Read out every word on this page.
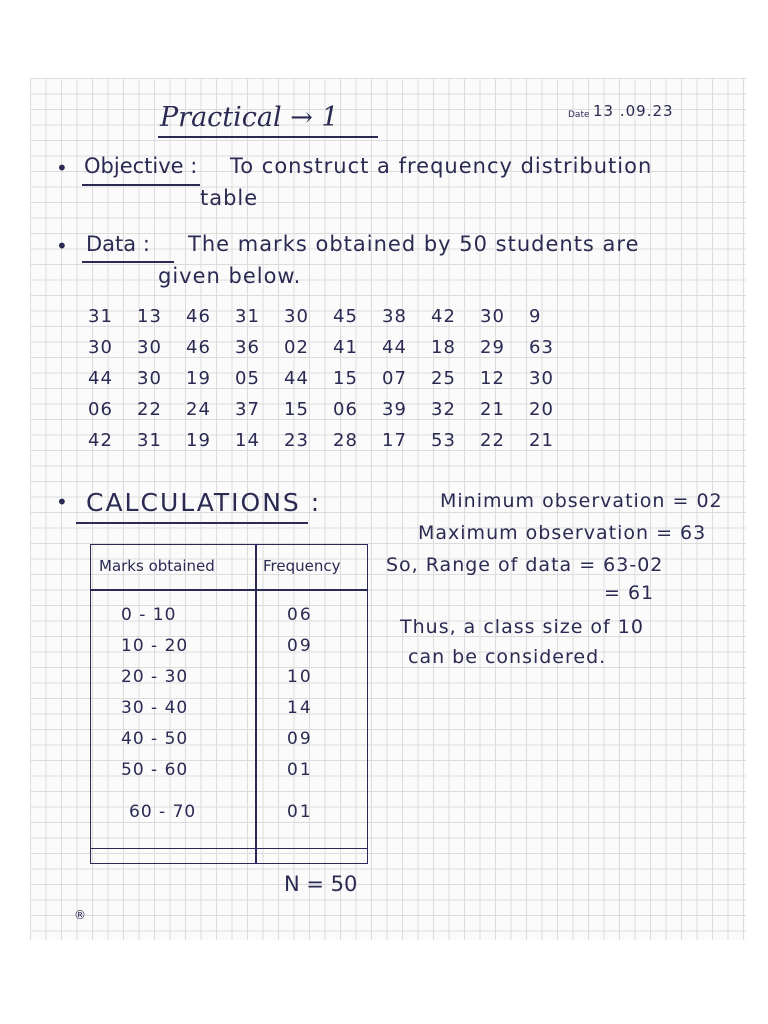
Practical → 1	Date 13 .09.23
• Objective : To construct a frequency distribution
table
• Data : The marks obtained by 50 students are
given below.
31	13	46	31	30	45	38	42	30	9
30	30	46	36	02	41	44	18	29	63
44	30	19	05	44	15	07	25	12	30
06	22	24	37	15	06	39	32	21	20
42	31	19	14	23	28	17	53	22	21
• CALCULATIONS :	Minimum observation = 02
Maximum observation = 63
So, Range of data = 63-02
= 61
Thus, a class size of 10
can be considered.
Marks obtained	Frequency
0 - 10	06
10 - 20	09
20 - 30	10
30 - 40	14
40 - 50	09
50 - 60	01
60 - 70	01
N = 50
®
